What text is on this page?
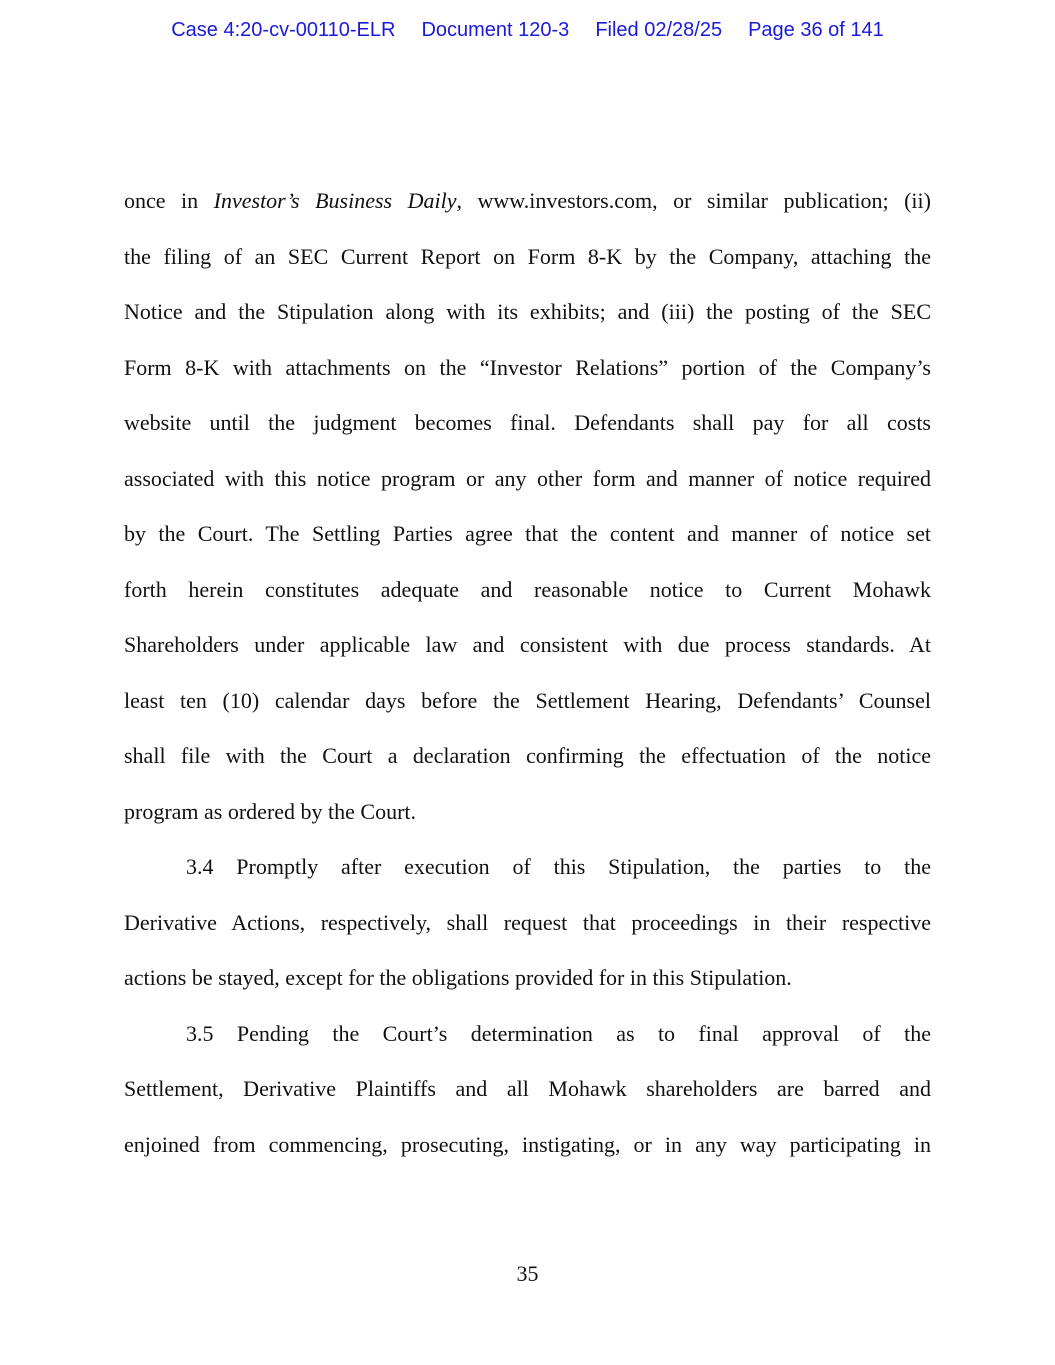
Case 4:20-cv-00110-ELR Document 120-3 Filed 02/28/25 Page 36 of 141
once in Investor’s Business Daily, www.investors.com, or similar publication; (ii)
the filing of an SEC Current Report on Form 8-K by the Company, attaching the
Notice and the Stipulation along with its exhibits; and (iii) the posting of the SEC
Form 8-K with attachments on the “Investor Relations” portion of the Company’s
website until the judgment becomes final. Defendants shall pay for all costs
associated with this notice program or any other form and manner of notice required
by the Court. The Settling Parties agree that the content and manner of notice set
forth herein constitutes adequate and reasonable notice to Current Mohawk
Shareholders under applicable law and consistent with due process standards. At
least ten (10) calendar days before the Settlement Hearing, Defendants’ Counsel
shall file with the Court a declaration confirming the effectuation of the notice
program as ordered by the Court.
3.4 Promptly after execution of this Stipulation, the parties to the
Derivative Actions, respectively, shall request that proceedings in their respective
actions be stayed, except for the obligations provided for in this Stipulation.
3.5 Pending the Court’s determination as to final approval of the
Settlement, Derivative Plaintiffs and all Mohawk shareholders are barred and
enjoined from commencing, prosecuting, instigating, or in any way participating in
35
